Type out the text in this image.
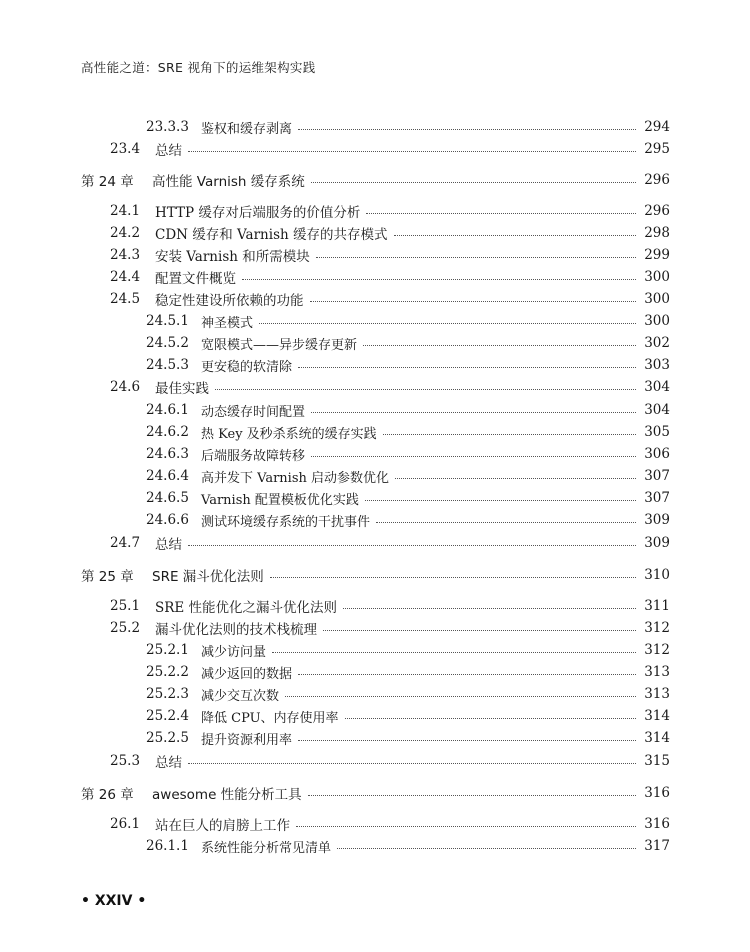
高性能之道：SRE 视角下的运维架构实践
23.3.3 鉴权和缓存剥离	294
23.4	总结	295
第 24 章	高性能 Varnish 缓存系统	296
24.1	HTTP 缓存对后端服务的价值分析	296
24.2	CDN 缓存和 Varnish 缓存的共存模式	298
24.3	安装 Varnish 和所需模块	299
24.4	配置文件概览	300
24.5	稳定性建设所依赖的功能	300
24.5.1 神圣模式	300
24.5.2 宽限模式——异步缓存更新	302
24.5.3 更安稳的软清除	303
24.6	最佳实践	304
24.6.1 动态缓存时间配置	304
24.6.2 热 Key 及秒杀系统的缓存实践	305
24.6.3 后端服务故障转移	306
24.6.4 高并发下 Varnish 启动参数优化	307
24.6.5 Varnish 配置模板优化实践	307
24.6.6 测试环境缓存系统的干扰事件	309
24.7	总结	309
第 25 章	SRE 漏斗优化法则	310
25.1	SRE 性能优化之漏斗优化法则	311
25.2	漏斗优化法则的技术栈梳理	312
25.2.1 减少访问量	312
25.2.2 减少返回的数据	313
25.2.3 减少交互次数	313
25.2.4 降低 CPU、内存使用率	314
25.2.5 提升资源利用率	314
25.3	总结	315
第 26 章	awesome 性能分析工具	316
26.1	站在巨人的肩膀上工作	316
26.1.1 系统性能分析常见清单	317
• XXIV •
